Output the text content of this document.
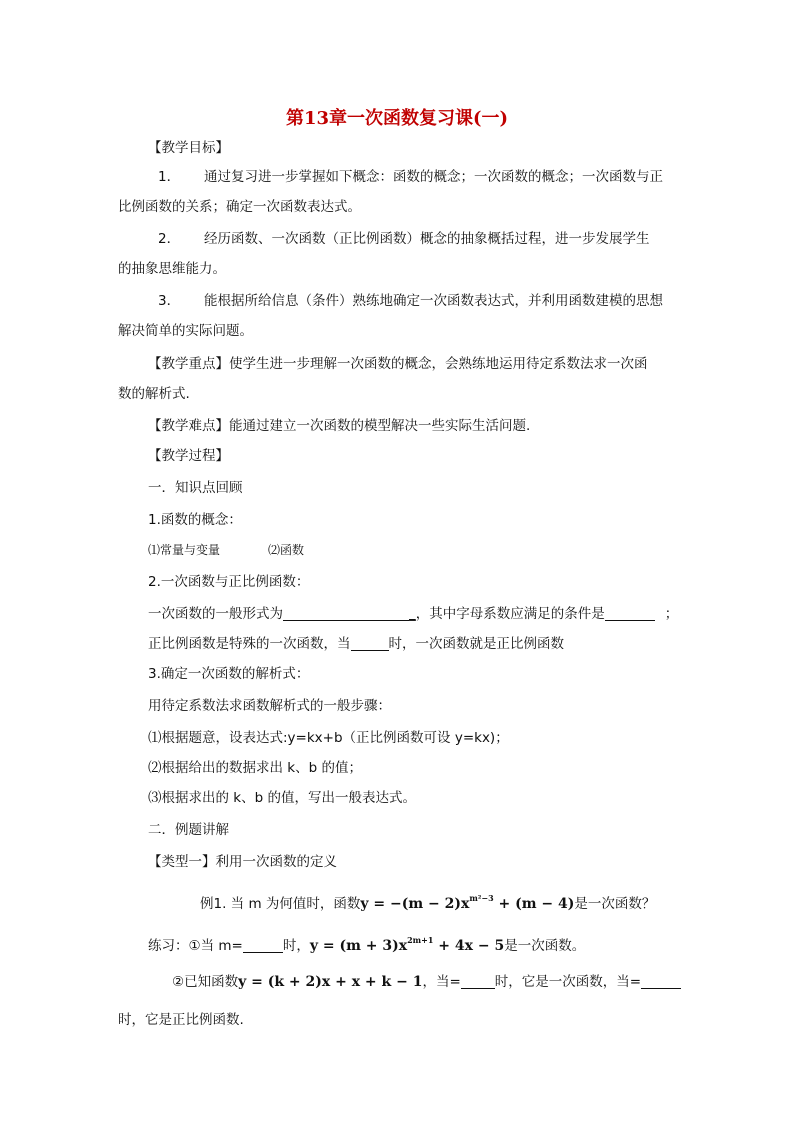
第13章一次函数复习课(一)
【教学目标】
1． 通过复习进一步掌握如下概念：函数的概念；一次函数的概念；一次函数与正
比例函数的关系；确定一次函数表达式。
2． 经历函数、一次函数（正比例函数）概念的抽象概括过程，进一步发展学生
的抽象思维能力。
3． 能根据所给信息（条件）熟练地确定一次函数表达式，并利用函数建模的思想
解决简单的实际问题。
【教学重点】使学生进一步理解一次函数的概念，会熟练地运用待定系数法求一次函
数的解析式.
【教学难点】能通过建立一次函数的模型解决一些实际生活问题.
【教学过程】
一．知识点回顾
1.函数的概念：
⑴常量与变量	⑵函数
2.一次函数与正比例函数：
一次函数的一般形式为	_，其中字母系数应满足的条件是	；
正比例函数是特殊的一次函数，当	时，一次函数就是正比例函数
3.确定一次函数的解析式：
用待定系数法求函数解析式的一般步骤：
⑴根据题意，设表达式:y=kx+b（正比例函数可设 y=kx)；
⑵根据给出的数据求出 k、b 的值；
⑶根据求出的 k、b 的值，写出一般表达式。
二．例题讲解
【类型一】利用一次函数的定义
例1. 当 m 为何值时，函数$y = -(m - 2)x^{m^2-3} + (m - 4)$是一次函数？
练习：①当 m=	时，$y = (m + 3)x^{2m+1} + 4x - 5$是一次函数。
②已知函数y = (k + 2)x + x + k − 1，当=	时，它是一次函数，当=
时，它是正比例函数.
